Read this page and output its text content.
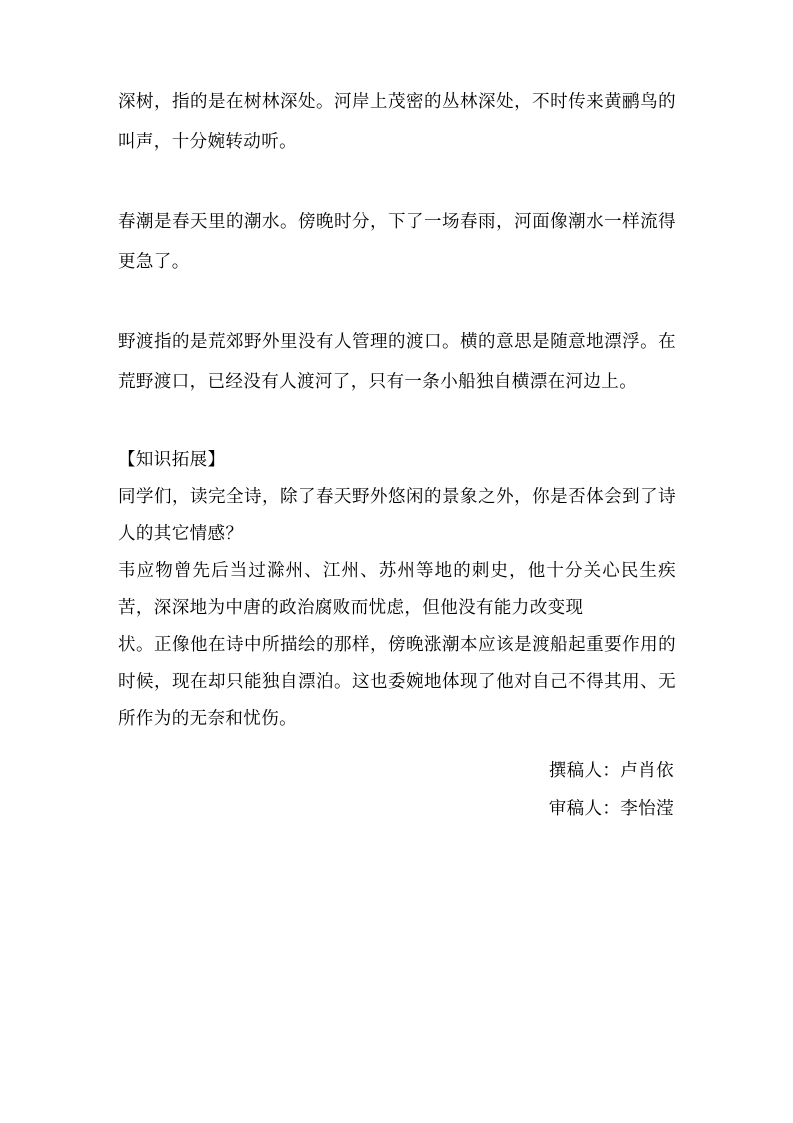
深树，指的是在树林深处。河岸上茂密的丛林深处，不时传来黄鹂鸟的叫声，十分婉转动听。

春潮是春天里的潮水。傍晚时分，下了一场春雨，河面像潮水一样流得更急了。

野渡指的是荒郊野外里没有人管理的渡口。横的意思是随意地漂浮。在荒野渡口，已经没有人渡河了，只有一条小船独自横漂在河边上。

【知识拓展】

同学们，读完全诗，除了春天野外悠闲的景象之外，你是否体会到了诗人的其它情感？

韦应物曾先后当过滁州、江州、苏州等地的刺史，他十分关心民生疾苦，深深地为中唐的政治腐败而忧虑，但他没有能力改变现

状。正像他在诗中所描绘的那样，傍晚涨潮本应该是渡船起重要作用的时候，现在却只能独自漂泊。这也委婉地体现了他对自己不得其用、无所作为的无奈和忧伤。

撰稿人：卢肖依

审稿人：李怡滢
